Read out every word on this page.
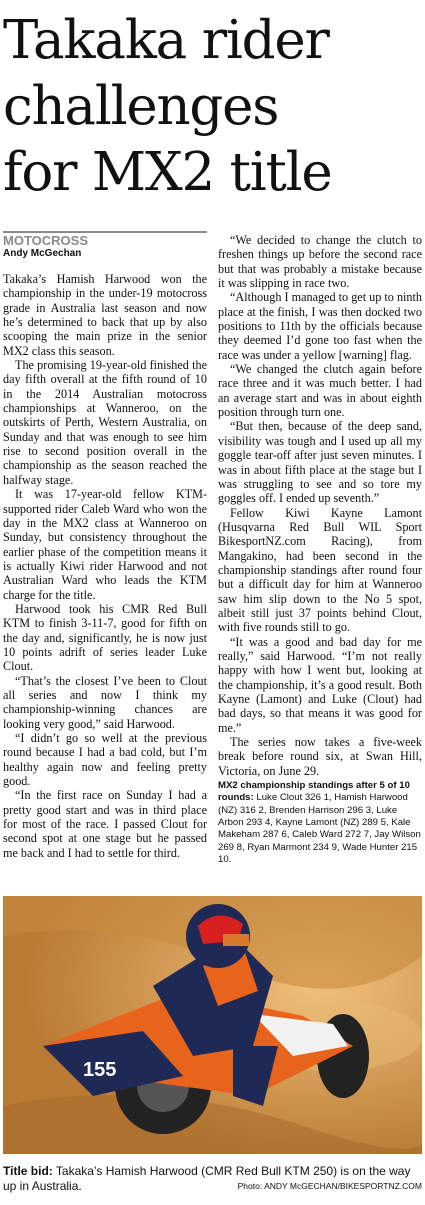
Takaka rider
challenges
for MX2 title
MOTOCROSS
Andy McGechan

Takaka’s Hamish Harwood won the championship in the under-19 motocross grade in Australia last season and now he’s determined to back that up by also scooping the main prize in the senior MX2 class this season.

The promising 19-year-old finished the day fifth overall at the fifth round of 10 in the 2014 Australian motocross championships at Wanneroo, on the outskirts of Perth, Western Australia, on Sunday and that was enough to see him rise to second position overall in the championship as the season reached the halfway stage.

It was 17-year-old fellow KTM-supported rider Caleb Ward who won the day in the MX2 class at Wanneroo on Sunday, but consistency throughout the earlier phase of the competition means it is actually Kiwi rider Harwood and not Australian Ward who leads the KTM charge for the title.

Harwood took his CMR Red Bull KTM to finish 3-11-7, good for fifth on the day and, significantly, he is now just 10 points adrift of series leader Luke Clout.

“That’s the closest I’ve been to Clout all series and now I think my championship-winning chances are looking very good,” said Harwood.

“I didn’t go so well at the previous round because I had a bad cold, but I’m healthy again now and feeling pretty good.

“In the first race on Sunday I had a pretty good start and was in third place for most of the race. I passed Clout for second spot at one stage but he passed me back and I had to settle for third.

“We decided to change the clutch to freshen things up before the second race but that was probably a mistake because it was slipping in race two.

“Although I managed to get up to ninth place at the finish, I was then docked two positions to 11th by the officials because they deemed I’d gone too fast when the race was under a yellow [warning] flag.

“We changed the clutch again before race three and it was much better. I had an average start and was in about eighth position through turn one.

“But then, because of the deep sand, visibility was tough and I used up all my goggle tear-off after just seven minutes. I was in about fifth place at the stage but I was struggling to see and so tore my goggles off. I ended up seventh.”

Fellow Kiwi Kayne Lamont (Husqvarna Red Bull WIL Sport BikesportNZ.com Racing), from Mangakino, had been second in the championship standings after round four but a difficult day for him at Wanneroo saw him slip down to the No 5 spot, albeit still just 37 points behind Clout, with five rounds still to go.

“It was a good and bad day for me really,” said Harwood. “I’m not really happy with how I went but, looking at the championship, it’s a good result. Both Kayne (Lamont) and Luke (Clout) had bad days, so that means it was good for me.”

The series now takes a five-week break before round six, at Swan Hill, Victoria, on June 29.

MX2 championship standings after 5 of 10 rounds: Luke Clout 326 1, Hamish Harwood (NZ) 316 2, Brenden Harrison 296 3, Luke Arbon 293 4, Kayne Lamont (NZ) 289 5, Kale Makeham 287 6, Caleb Ward 272 7, Jay Wilson 269 8, Ryan Marmont 234 9, Wade Hunter 215 10.
155
Title bid: Takaka’s Hamish Harwood (CMR Red Bull KTM 250) is on the way
up in Australia.	Photo: ANDY McGECHAN/BIKESPORTNZ.COM
